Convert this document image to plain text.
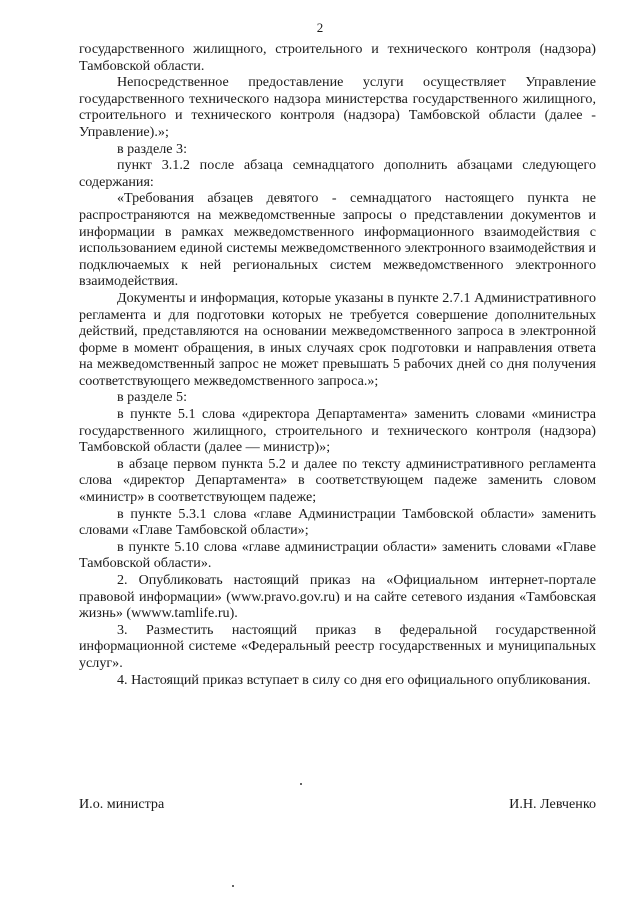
2

государственного жилищного, строительного и технического контроля (надзора) Тамбовской области.

Непосредственное предоставление услуги осуществляет Управление государственного технического надзора министерства государственного жилищного, строительного и технического контроля (надзора) Тамбовской области (далее - Управление).»;

в разделе 3:

пункт 3.1.2 после абзаца семнадцатого дополнить абзацами следующего содержания:

«Требования абзацев девятого - семнадцатого настоящего пункта не распространяются на межведомственные запросы о представлении документов и информации в рамках межведомственного информационного взаимодействия с использованием единой системы межведомственного электронного взаимодействия и подключаемых к ней региональных систем межведомственного электронного взаимодействия.

Документы и информация, которые указаны в пункте 2.7.1 Административного регламента и для подготовки которых не требуется совершение дополнительных действий, представляются на основании межведомственного запроса в электронной форме в момент обращения, в иных случаях срок подготовки и направления ответа на межведомственный запрос не может превышать 5 рабочих дней со дня получения соответствующего межведомственного запроса.»;

в разделе 5:

в пункте 5.1 слова «директора Департамента» заменить словами «министра государственного жилищного, строительного и технического контроля (надзора) Тамбовской области (далее — министр)»;

в абзаце первом пункта 5.2 и далее по тексту административного регламента слова «директор Департамента» в соответствующем падеже заменить словом «министр» в соответствующем падеже;

в пункте 5.3.1 слова «главе Администрации Тамбовской области» заменить словами «Главе Тамбовской области»;

в пункте 5.10 слова «главе администрации области» заменить словами «Главе Тамбовской области».

2. Опубликовать настоящий приказ на «Официальном интернет-портале правовой информации» (www.pravo.gov.ru) и на сайте сетевого издания «Тамбовская жизнь» (wwww.tamlife.ru).

3. Разместить настоящий приказ в федеральной государственной информационной системе «Федеральный реестр государственных и муниципальных услуг».

4. Настоящий приказ вступает в силу со дня его официального опубликования.

И.о. министра	И.Н. Левченко
